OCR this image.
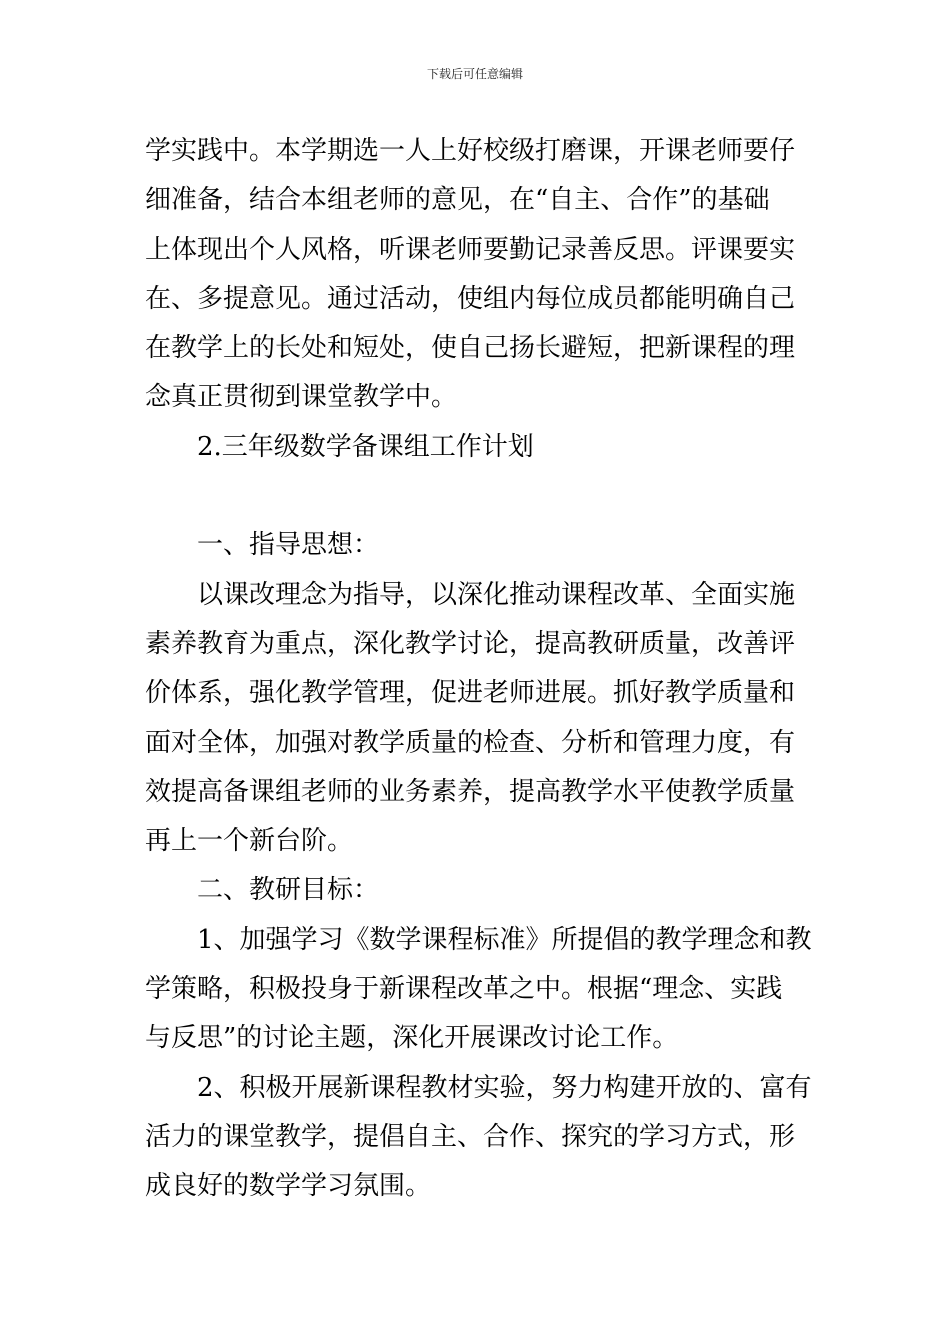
下载后可任意编辑
学实践中。本学期选一人上好校级打磨课，开课老师要仔
细准备，结合本组老师的意见，在“自主、合作”的基础
上体现出个人风格，听课老师要勤记录善反思。评课要实
在、多提意见。通过活动，使组内每位成员都能明确自己
在教学上的长处和短处，使自己扬长避短，把新课程的理
念真正贯彻到课堂教学中。
2.三年级数学备课组工作计划
一、指导思想：
以课改理念为指导，以深化推动课程改革、全面实施
素养教育为重点，深化教学讨论，提高教研质量，改善评
价体系，强化教学管理，促进老师进展。抓好教学质量和
面对全体，加强对教学质量的检查、分析和管理力度，有
效提高备课组老师的业务素养，提高教学水平使教学质量
再上一个新台阶。
二、教研目标：
1、加强学习《数学课程标准》所提倡的教学理念和教
学策略，积极投身于新课程改革之中。根据“理念、实践
与反思”的讨论主题，深化开展课改讨论工作。
2、积极开展新课程教材实验，努力构建开放的、富有
活力的课堂教学，提倡自主、合作、探究的学习方式，形
成良好的数学学习氛围。
